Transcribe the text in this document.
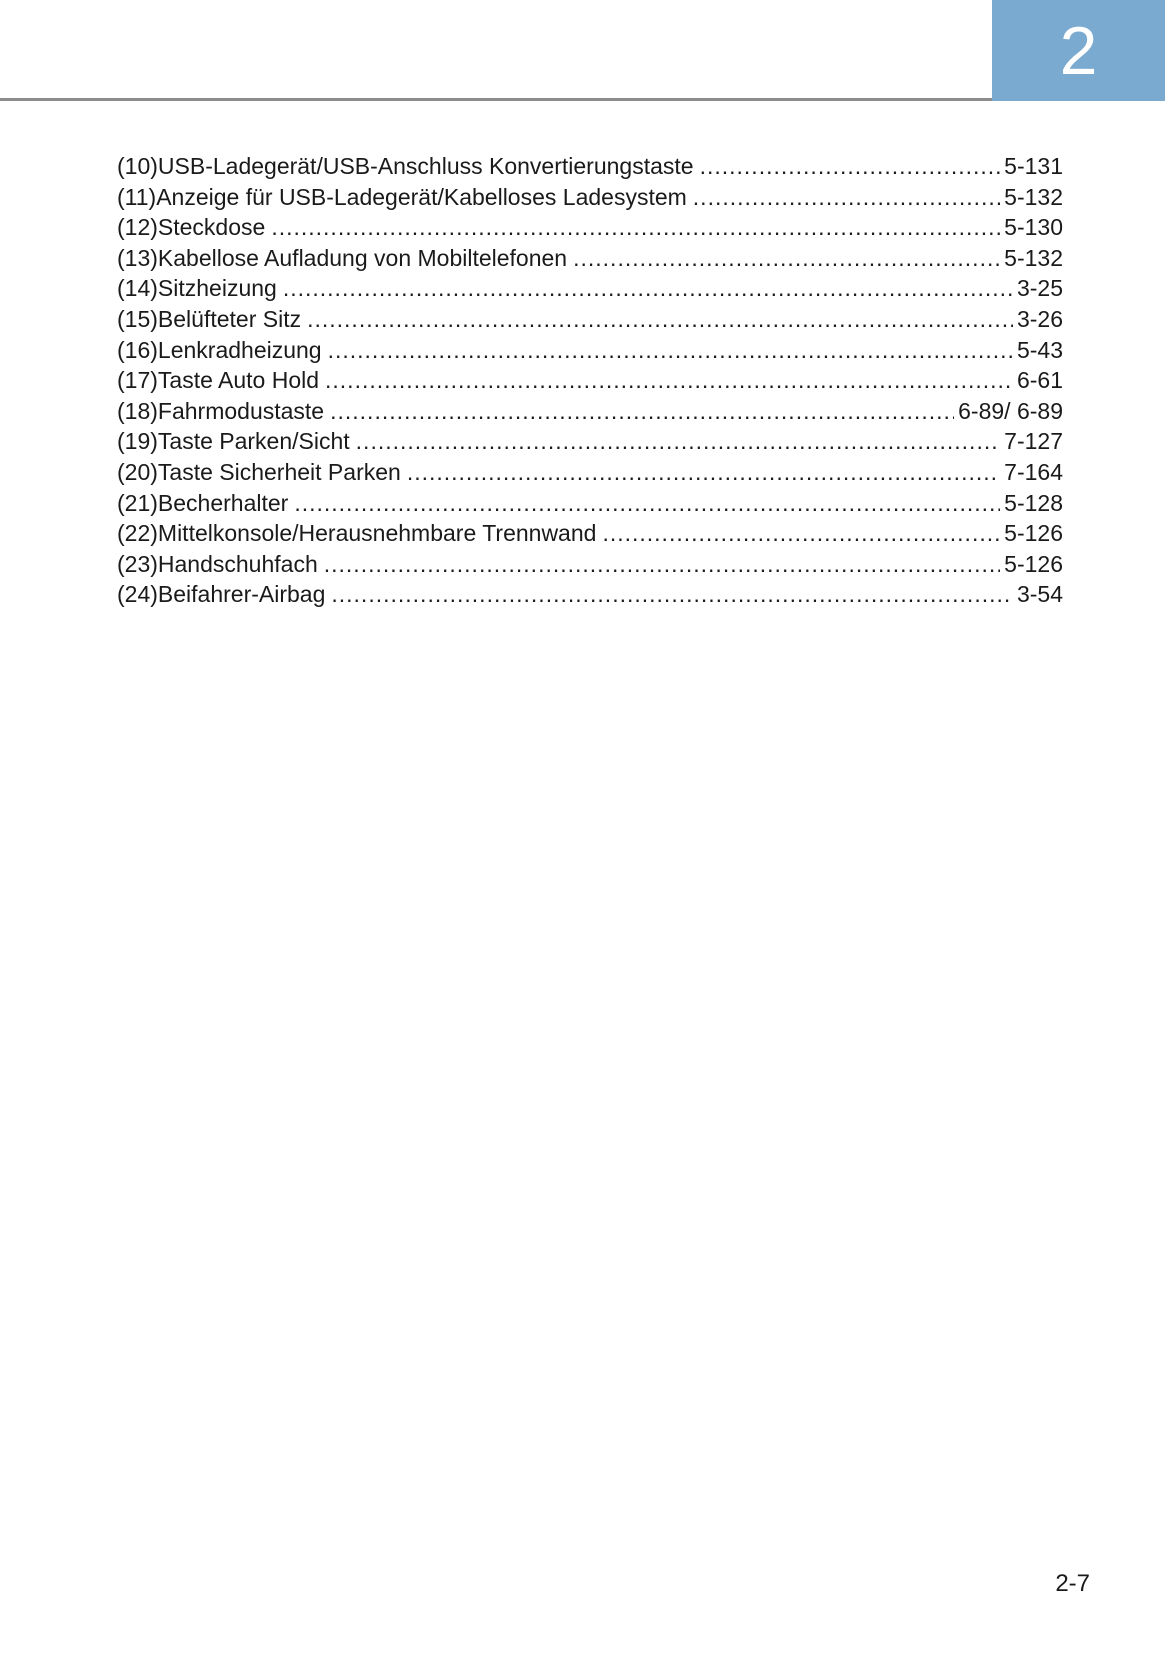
2
(10) USB-Ladegerät/USB-Anschluss Konvertierungstaste .....	5-131
(11) Anzeige für USB-Ladegerät/Kabelloses Ladesystem .....	5-132
(12) Steckdose .....	5-130
(13) Kabellose Aufladung von Mobiltelefonen .....	5-132
(14) Sitzheizung .....	3-25
(15) Belüfteter Sitz .....	3-26
(16) Lenkradheizung .....	5-43
(17) Taste Auto Hold .....	6-61
(18) Fahrmodustaste .....	6-89/ 6-89
(19) Taste Parken/Sicht .....	7-127
(20) Taste Sicherheit Parken .....	7-164
(21) Becherhalter .....	5-128
(22) Mittelkonsole/Herausnehmbare Trennwand .....	5-126
(23) Handschuhfach .....	5-126
(24) Beifahrer-Airbag .....	3-54
2-7
